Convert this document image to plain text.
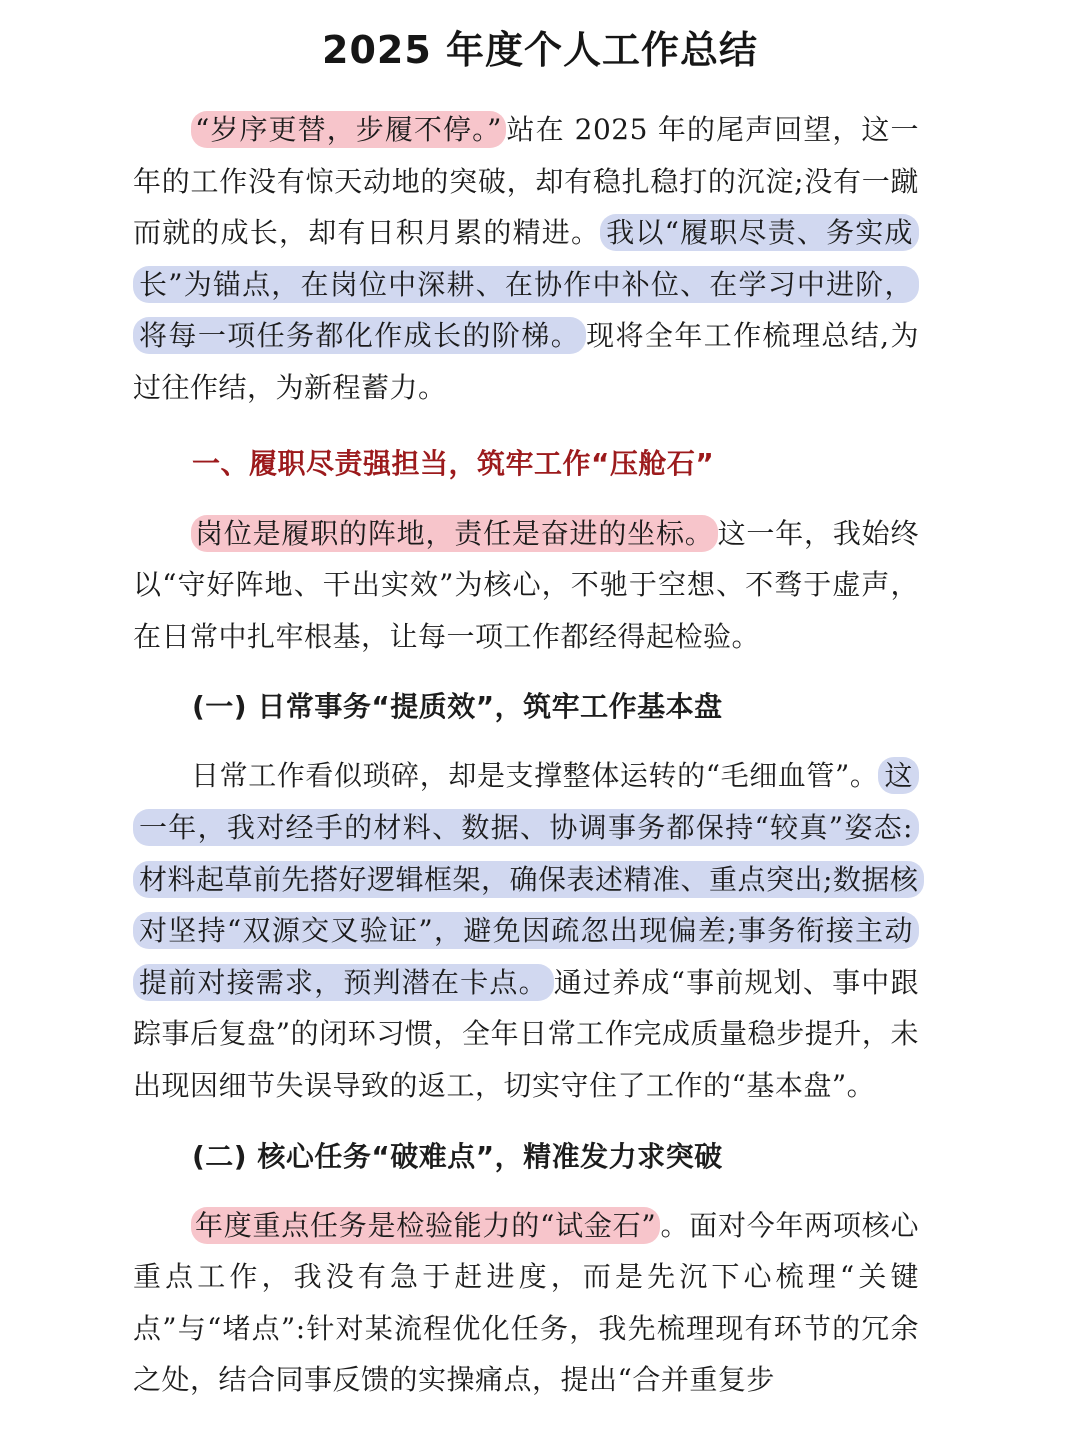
2025 年度个人工作总结

“岁序更替，步履不停。” 站在 2025 年的尾声回望，这一年的工作没有惊天动地的突破，却有稳扎稳打的沉淀;没有一蹴而就的成长，却有日积月累的精进。 我以“履职尽责、务实成长”为锚点，在岗位中深耕、在协作中补位、在学习中进阶，将每一项任务都化作成长的阶梯。 现将全年工作梳理总结,为过往作结，为新程蓄力。

一、履职尽责强担当，筑牢工作“压舱石”

岗位是履职的阵地，责任是奋进的坐标。 这一年，我始终以“守好阵地、干出实效”为核心，不驰于空想、不骛于虚声，在日常中扎牢根基，让每一项工作都经得起检验。

(一) 日常事务“提质效”，筑牢工作基本盘

日常工作看似琐碎，却是支撑整体运转的“毛细血管”。 这一年，我对经手的材料、数据、协调事务都保持“较真”姿态:材料起草前先搭好逻辑框架，确保表述精准、重点突出;数据核对坚持“双源交叉验证”，避免因疏忽出现偏差;事务衔接主动提前对接需求，预判潜在卡点。 通过养成“事前规划、事中跟踪事后复盘”的闭环习惯，全年日常工作完成质量稳步提升，未出现因细节失误导致的返工，切实守住了工作的“基本盘”。

(二) 核心任务“破难点”，精准发力求突破

年度重点任务是检验能力的“试金石” 。面对今年两项核心重点工作，我没有急于赶进度，而是先沉下心梳理“关键点”与“堵点”:针对某流程优化任务，我先梳理现有环节的冗余之处，结合同事反馈的实操痛点，提出“合并重复步
